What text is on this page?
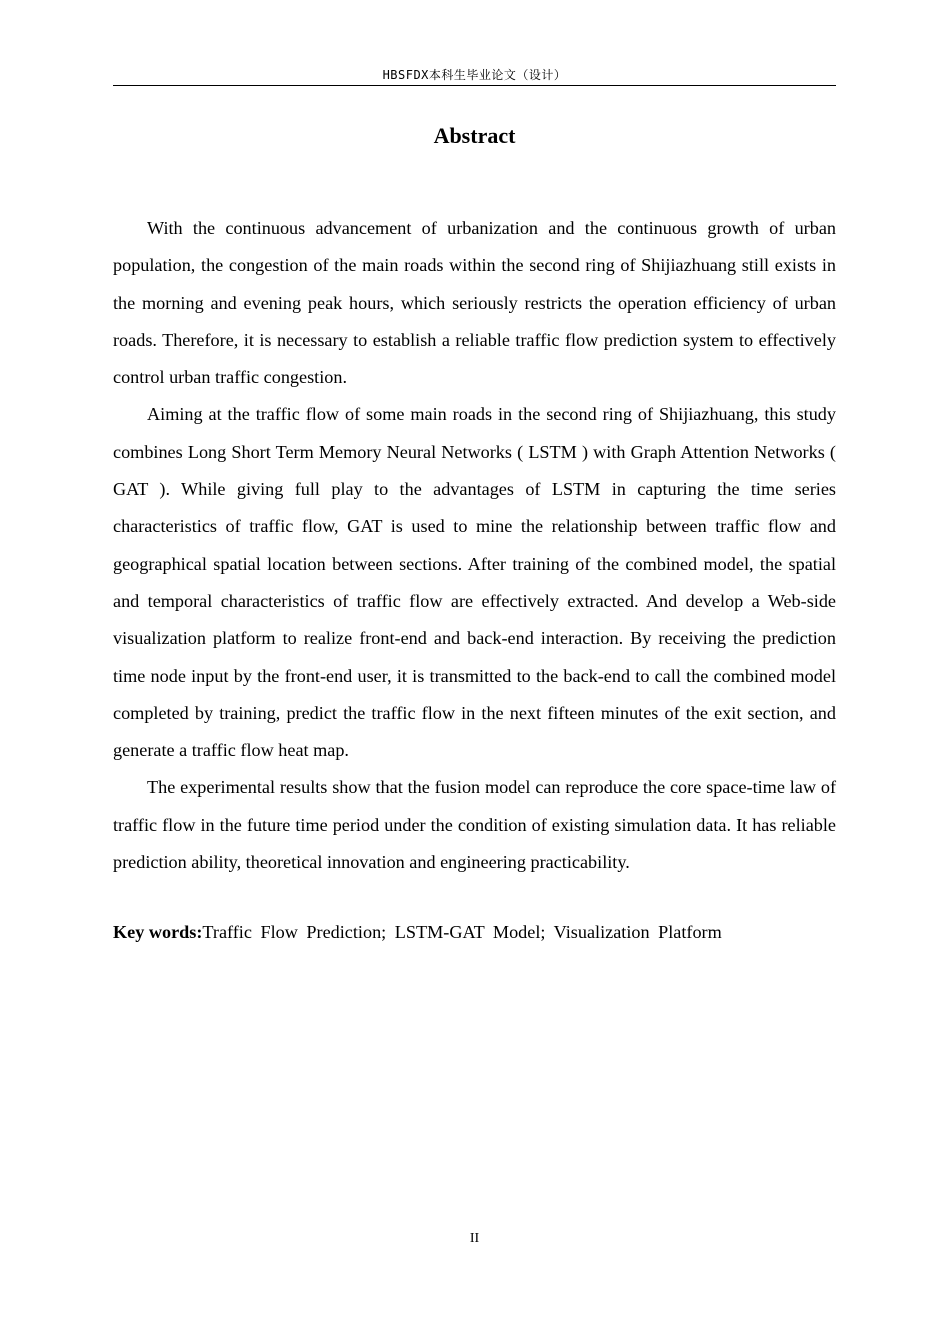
HBSFDX本科生毕业论文（设计）
Abstract

With the continuous advancement of urbanization and the continuous growth of urban population, the congestion of the main roads within the second ring of Shijiazhuang still exists in the morning and evening peak hours, which seriously restricts the operation efficiency of urban roads. Therefore, it is necessary to establish a reliable traffic flow prediction system to effectively control urban traffic congestion.

Aiming at the traffic flow of some main roads in the second ring of Shijiazhuang, this study combines Long Short Term Memory Neural Networks ( LSTM ) with Graph Attention Networks ( GAT ). While giving full play to the advantages of LSTM in capturing the time series characteristics of traffic flow, GAT is used to mine the relationship between traffic flow and geographical spatial location between sections. After training of the combined model, the spatial and temporal characteristics of traffic flow are effectively extracted. And develop a Web-side visualization platform to realize front-end and back-end interaction. By receiving the prediction time node input by the front-end user, it is transmitted to the back-end to call the combined model completed by training, predict the traffic flow in the next fifteen minutes of the exit section, and generate a traffic flow heat map.

The experimental results show that the fusion model can reproduce the core space-time law of traffic flow in the future time period under the condition of existing simulation data. It has reliable prediction ability, theoretical innovation and engineering practicability.

Key words:Traffic Flow Prediction; LSTM-GAT Model; Visualization Platform
II
